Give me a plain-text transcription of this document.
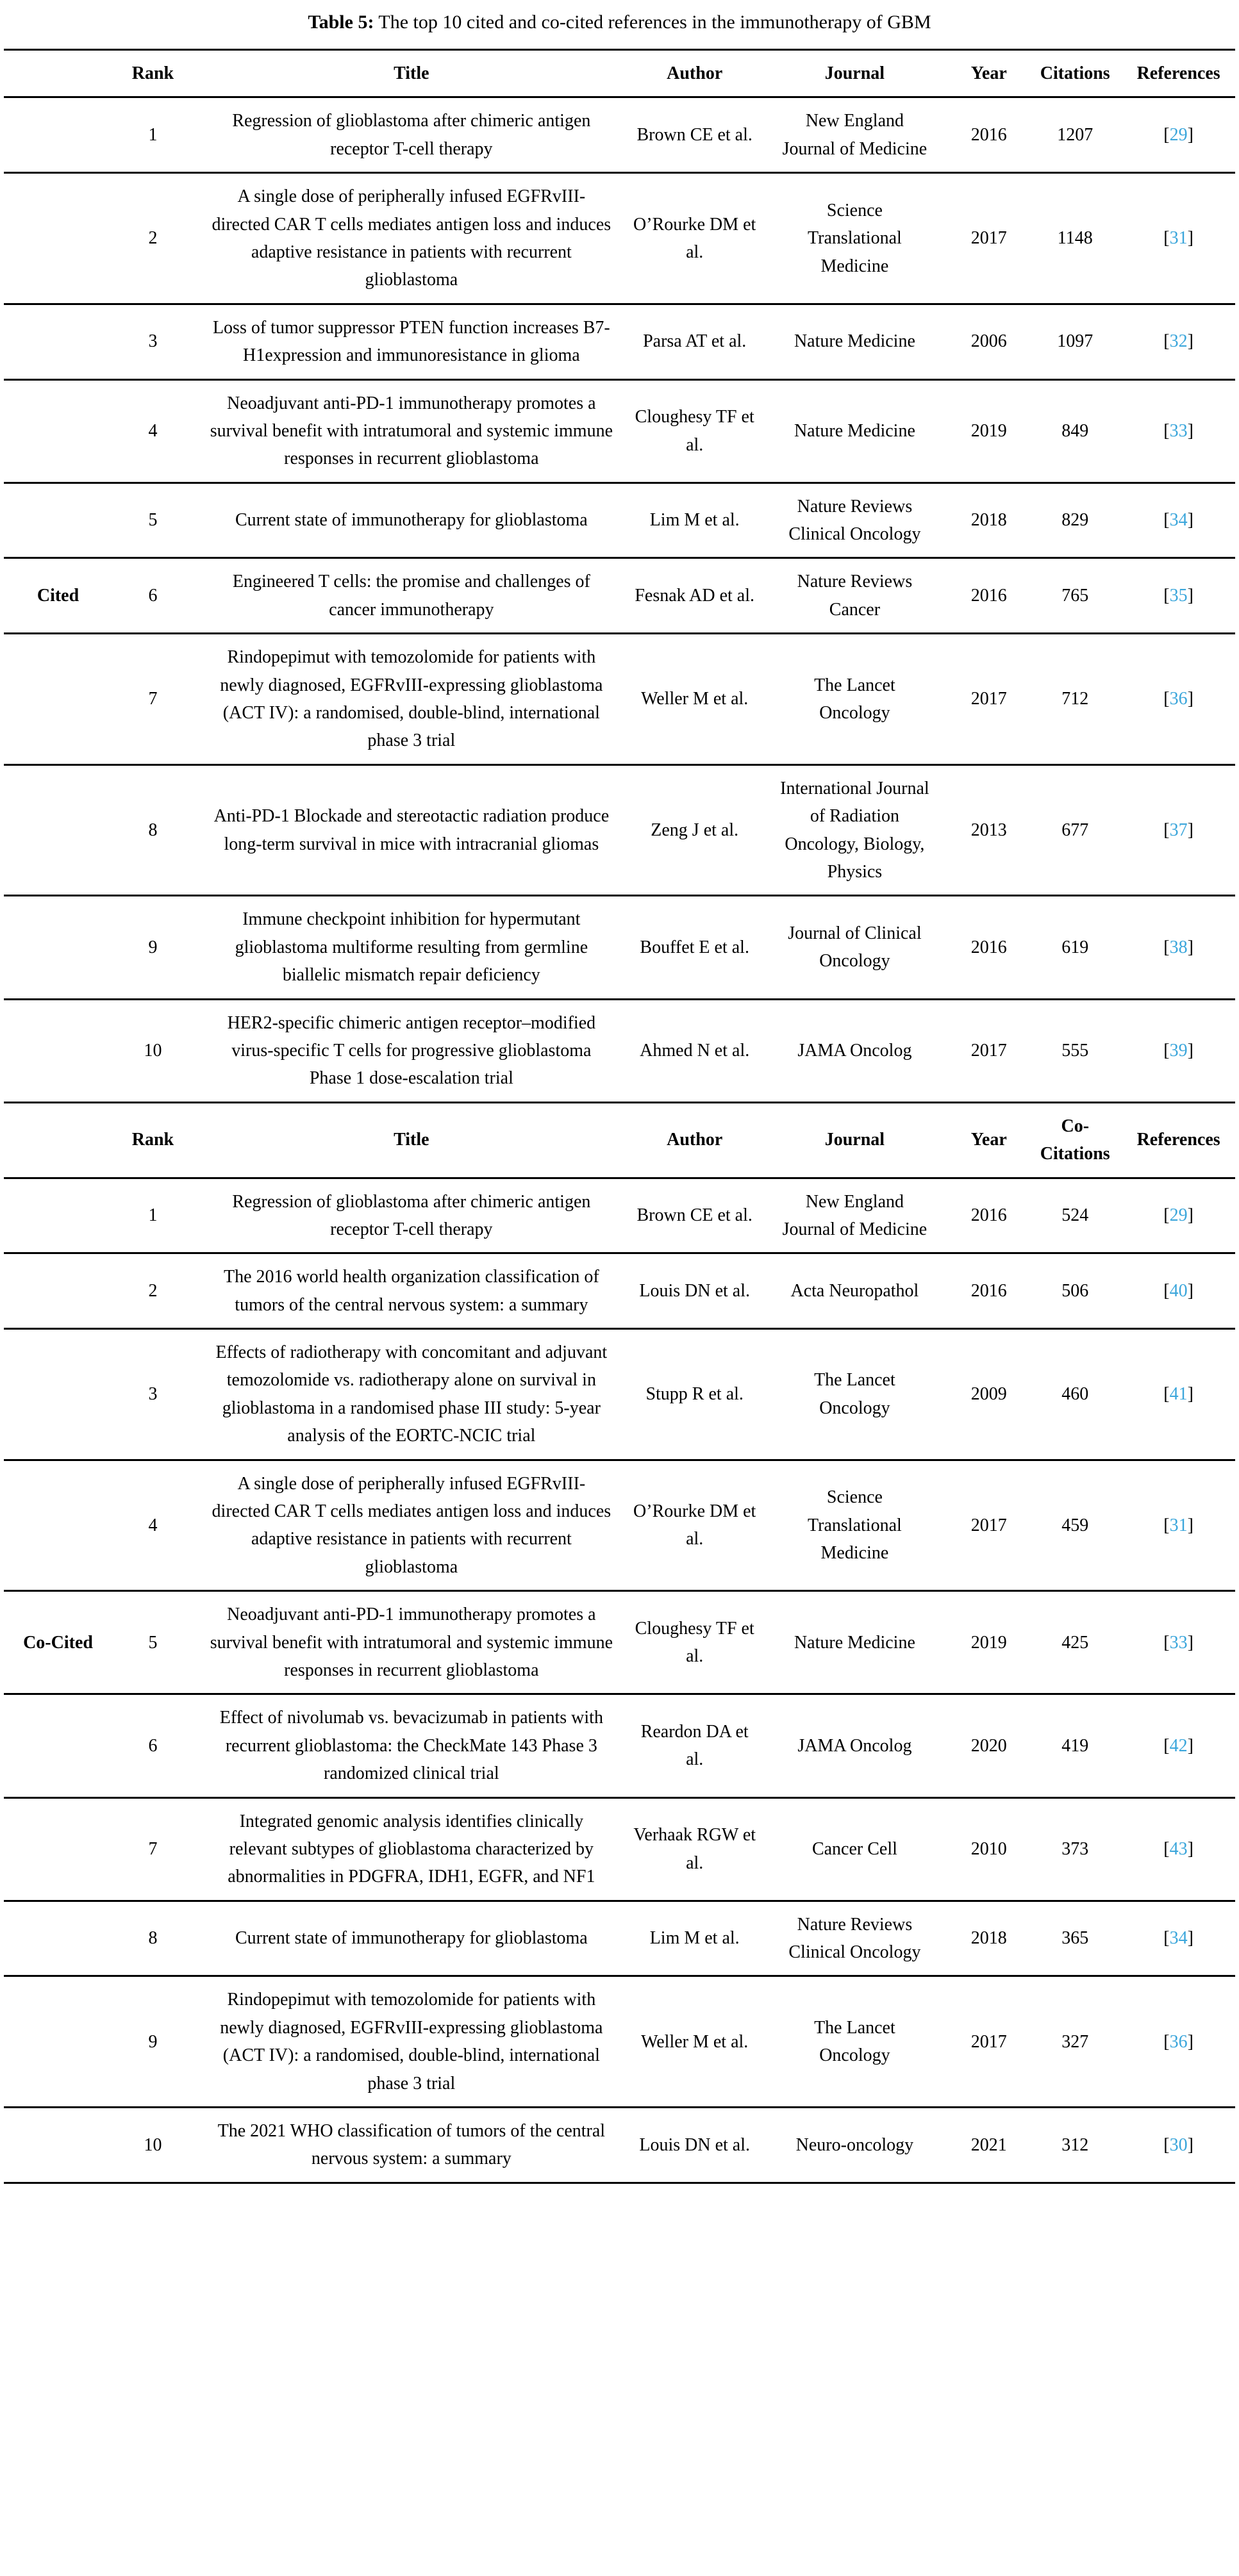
Table 5: The top 10 cited and co-cited references in the immunotherapy of GBM
	Rank	Title	Author	Journal	Year	Citations	References
	1	Regression of glioblastoma after chimeric antigen receptor T-cell therapy	Brown CE et al.	New England Journal of Medicine	2016	1207	[29]
	2	A single dose of peripherally infused EGFRvIII-directed CAR T cells mediates antigen loss and induces adaptive resistance in patients with recurrent glioblastoma	O’Rourke DM et al.	Science Translational Medicine	2017	1148	[31]
	3	Loss of tumor suppressor PTEN function increases B7-H1expression and immunoresistance in glioma	Parsa AT et al.	Nature Medicine	2006	1097	[32]
	4	Neoadjuvant anti-PD-1 immunotherapy promotes a survival benefit with intratumoral and systemic immune responses in recurrent glioblastoma	Cloughesy TF et al.	Nature Medicine	2019	849	[33]
	5	Current state of immunotherapy for glioblastoma	Lim M et al.	Nature Reviews Clinical Oncology	2018	829	[34]
Cited	6	Engineered T cells: the promise and challenges of cancer immunotherapy	Fesnak AD et al.	Nature Reviews Cancer	2016	765	[35]
	7	Rindopepimut with temozolomide for patients with newly diagnosed, EGFRvIII-expressing glioblastoma (ACT IV): a randomised, double-blind, international phase 3 trial	Weller M et al.	The Lancet Oncology	2017	712	[36]
	8	Anti-PD-1 Blockade and stereotactic radiation produce long-term survival in mice with intracranial gliomas	Zeng J et al.	International Journal of Radiation Oncology, Biology, Physics	2013	677	[37]
	9	Immune checkpoint inhibition for hypermutant glioblastoma multiforme resulting from germline biallelic mismatch repair deficiency	Bouffet E et al.	Journal of Clinical Oncology	2016	619	[38]
	10	HER2-specific chimeric antigen receptor–modified virus-specific T cells for progressive glioblastoma Phase 1 dose-escalation trial	Ahmed N et al.	JAMA Oncolog	2017	555	[39]
	Rank	Title	Author	Journal	Year	Co-Citations	References
	1	Regression of glioblastoma after chimeric antigen receptor T-cell therapy	Brown CE et al.	New England Journal of Medicine	2016	524	[29]
	2	The 2016 world health organization classification of tumors of the central nervous system: a summary	Louis DN et al.	Acta Neuropathol	2016	506	[40]
	3	Effects of radiotherapy with concomitant and adjuvant temozolomide vs. radiotherapy alone on survival in glioblastoma in a randomised phase III study: 5-year analysis of the EORTC-NCIC trial	Stupp R et al.	The Lancet Oncology	2009	460	[41]
	4	A single dose of peripherally infused EGFRvIII-directed CAR T cells mediates antigen loss and induces adaptive resistance in patients with recurrent glioblastoma	O’Rourke DM et al.	Science Translational Medicine	2017	459	[31]
Co-Cited	5	Neoadjuvant anti-PD-1 immunotherapy promotes a survival benefit with intratumoral and systemic immune responses in recurrent glioblastoma	Cloughesy TF et al.	Nature Medicine	2019	425	[33]
	6	Effect of nivolumab vs. bevacizumab in patients with recurrent glioblastoma: the CheckMate 143 Phase 3 randomized clinical trial	Reardon DA et al.	JAMA Oncolog	2020	419	[42]
	7	Integrated genomic analysis identifies clinically relevant subtypes of glioblastoma characterized by abnormalities in PDGFRA, IDH1, EGFR, and NF1	Verhaak RGW et al.	Cancer Cell	2010	373	[43]
	8	Current state of immunotherapy for glioblastoma	Lim M et al.	Nature Reviews Clinical Oncology	2018	365	[34]
	9	Rindopepimut with temozolomide for patients with newly diagnosed, EGFRvIII-expressing glioblastoma (ACT IV): a randomised, double-blind, international phase 3 trial	Weller M et al.	The Lancet Oncology	2017	327	[36]
	10	The 2021 WHO classification of tumors of the central nervous system: a summary	Louis DN et al.	Neuro-oncology	2021	312	[30]
